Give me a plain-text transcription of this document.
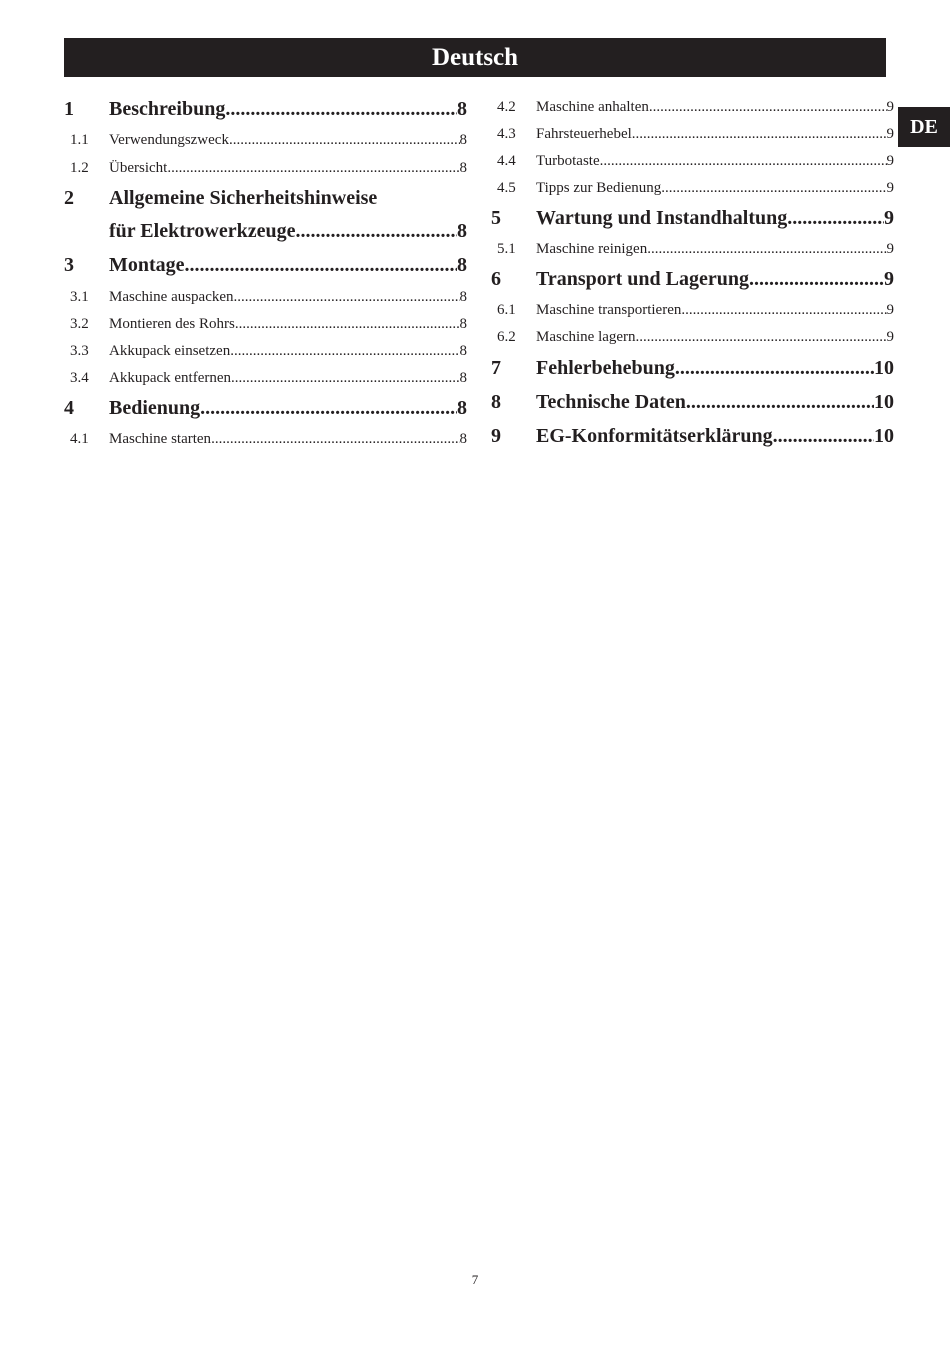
Deutsch
DE
1	Beschreibung .....	8
1.1	Verwendungszweck .....	8
1.2	Übersicht .....	8
2	Allgemeine Sicherheitshinweise
für Elektrowerkzeuge .....	8
3	Montage .....	8
3.1	Maschine auspacken .....	8
3.2	Montieren des Rohrs .....	8
3.3	Akkupack einsetzen .....	8
3.4	Akkupack entfernen .....	8
4	Bedienung .....	8
4.1	Maschine starten .....	8
4.2	Maschine anhalten .....	9
4.3	Fahrsteuerhebel .....	9
4.4	Turbotaste .....	9
4.5	Tipps zur Bedienung .....	9
5	Wartung und Instandhaltung .....	9
5.1	Maschine reinigen .....	9
6	Transport und Lagerung .....	9
6.1	Maschine transportieren .....	9
6.2	Maschine lagern .....	9
7	Fehlerbehebung .....	10
8	Technische Daten .....	10
9	EG-Konformitätserklärung .....	10
7
